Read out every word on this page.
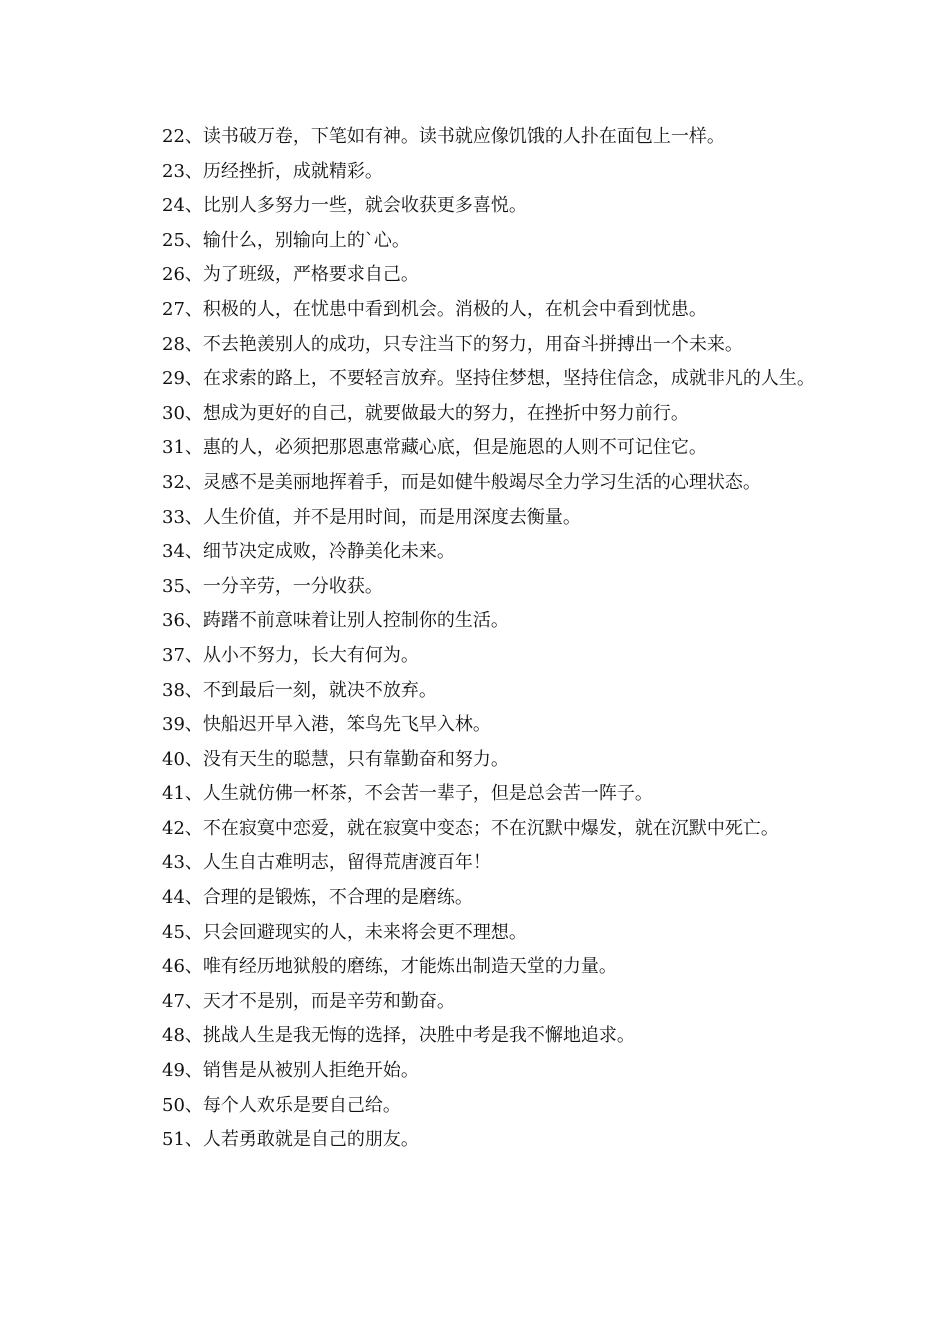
22、读书破万卷，下笔如有神。读书就应像饥饿的人扑在面包上一样。

23、历经挫折，成就精彩。

24、比别人多努力一些，就会收获更多喜悦。

25、输什么，别输向上的`心。

26、为了班级，严格要求自己。

27、积极的人，在忧患中看到机会。消极的人，在机会中看到忧患。

28、不去艳羡别人的成功，只专注当下的努力，用奋斗拼搏出一个未来。

29、在求索的路上，不要轻言放弃。坚持住梦想，坚持住信念，成就非凡的人生。

30、想成为更好的自己，就要做最大的努力，在挫折中努力前行。

31、惠的人，必须把那恩惠常藏心底，但是施恩的人则不可记住它。

32、灵感不是美丽地挥着手，而是如健牛般竭尽全力学习生活的心理状态。

33、人生价值，并不是用时间，而是用深度去衡量。

34、细节决定成败，冷静美化未来。

35、一分辛劳，一分收获。

36、踌躇不前意味着让别人控制你的生活。

37、从小不努力，长大有何为。

38、不到最后一刻，就决不放弃。

39、快船迟开早入港，笨鸟先飞早入林。

40、没有天生的聪慧，只有靠勤奋和努力。

41、人生就仿佛一杯茶，不会苦一辈子，但是总会苦一阵子。

42、不在寂寞中恋爱，就在寂寞中变态；不在沉默中爆发，就在沉默中死亡。

43、人生自古难明志，留得荒唐渡百年！

44、合理的是锻炼，不合理的是磨练。

45、只会回避现实的人，未来将会更不理想。

46、唯有经历地狱般的磨练，才能炼出制造天堂的力量。

47、天才不是别，而是辛劳和勤奋。

48、挑战人生是我无悔的选择，决胜中考是我不懈地追求。

49、销售是从被别人拒绝开始。

50、每个人欢乐是要自己给。

51、人若勇敢就是自己的朋友。
